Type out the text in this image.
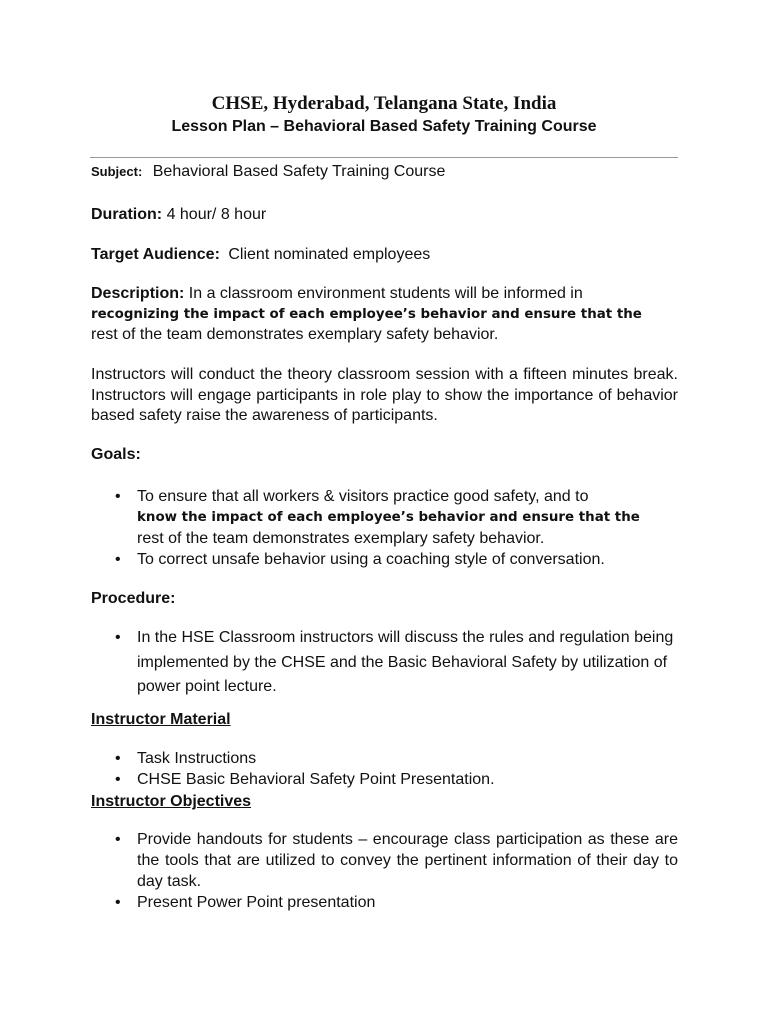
CHSE, Hyderabad, Telangana State, India
Lesson Plan – Behavioral Based Safety Training Course
Subject: Behavioral Based Safety Training Course
Duration: 4 hour/ 8 hour
Target Audience: Client nominated employees
Description: In a classroom environment students will be informed in
recognizing the impact of each employee’s behavior and ensure that the
rest of the team demonstrates exemplary safety behavior.
Instructors will conduct the theory classroom session with a fifteen minutes break. Instructors will engage participants in role play to show the importance of behavior based safety raise the awareness of participants.
Goals:
• To ensure that all workers & visitors practice good safety, and to
know the impact of each employee’s behavior and ensure that the
rest of the team demonstrates exemplary safety behavior.
• To correct unsafe behavior using a coaching style of conversation.
Procedure:
• In the HSE Classroom instructors will discuss the rules and regulation being implemented by the CHSE and the Basic Behavioral Safety by utilization of power point lecture.
Instructor Material
• Task Instructions
• CHSE Basic Behavioral Safety Point Presentation.
Instructor Objectives
• Provide handouts for students – encourage class participation as these are the tools that are utilized to convey the pertinent information of their day to day task.
• Present Power Point presentation
